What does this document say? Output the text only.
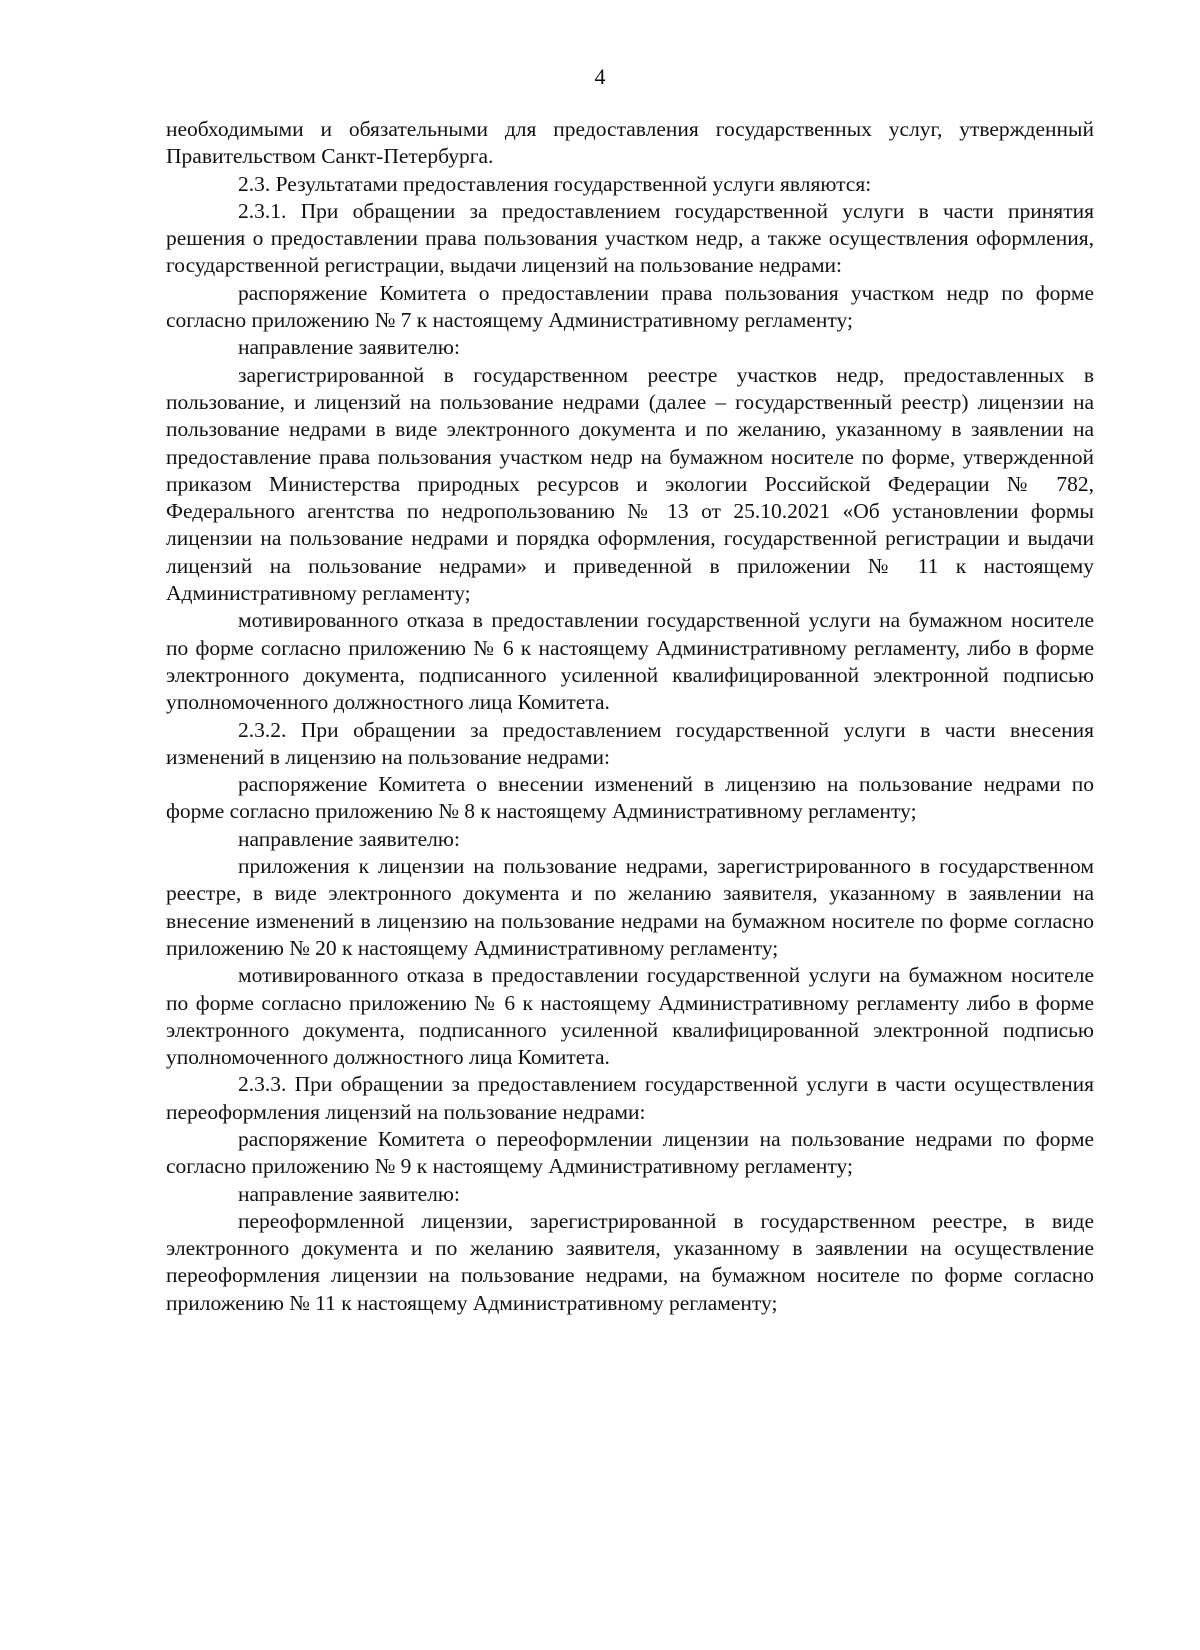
4

необходимыми и обязательными для предоставления государственных услуг, утвержденный Правительством Санкт-Петербурга.

2.3. Результатами предоставления государственной услуги являются:

2.3.1. При обращении за предоставлением государственной услуги в части принятия решения о предоставлении права пользования участком недр, а также осуществления оформления, государственной регистрации, выдачи лицензий на пользование недрами:

распоряжение Комитета о предоставлении права пользования участком недр по форме согласно приложению № 7 к настоящему Административному регламенту;

направление заявителю:

зарегистрированной в государственном реестре участков недр, предоставленных в пользование, и лицензий на пользование недрами (далее – государственный реестр) лицензии на пользование недрами в виде электронного документа и по желанию, указанному в заявлении на предоставление права пользования участком недр на бумажном носителе по форме, утвержденной приказом Министерства природных ресурсов и экологии Российской Федерации № 782, Федерального агентства по недропользованию № 13 от 25.10.2021 «Об установлении формы лицензии на пользование недрами и порядка оформления, государственной регистрации и выдачи лицензий на пользование недрами» и приведенной в приложении № 11 к настоящему Административному регламенту;

мотивированного отказа в предоставлении государственной услуги на бумажном носителе по форме согласно приложению № 6 к настоящему Административному регламенту, либо в форме электронного документа, подписанного усиленной квалифицированной электронной подписью уполномоченного должностного лица Комитета.

2.3.2. При обращении за предоставлением государственной услуги в части внесения изменений в лицензию на пользование недрами:

распоряжение Комитета о внесении изменений в лицензию на пользование недрами по форме согласно приложению № 8 к настоящему Административному регламенту;

направление заявителю:

приложения к лицензии на пользование недрами, зарегистрированного в государственном реестре, в виде электронного документа и по желанию заявителя, указанному в заявлении на внесение изменений в лицензию на пользование недрами на бумажном носителе по форме согласно приложению № 20 к настоящему Административному регламенту;

мотивированного отказа в предоставлении государственной услуги на бумажном носителе по форме согласно приложению № 6 к настоящему Административному регламенту либо в форме электронного документа, подписанного усиленной квалифицированной электронной подписью уполномоченного должностного лица Комитета.

2.3.3. При обращении за предоставлением государственной услуги в части осуществления переоформления лицензий на пользование недрами:

распоряжение Комитета о переоформлении лицензии на пользование недрами по форме согласно приложению № 9 к настоящему Административному регламенту;

направление заявителю:

переоформленной лицензии, зарегистрированной в государственном реестре, в виде электронного документа и по желанию заявителя, указанному в заявлении на осуществление переоформления лицензии на пользование недрами, на бумажном носителе по форме согласно приложению № 11 к настоящему Административному регламенту;
